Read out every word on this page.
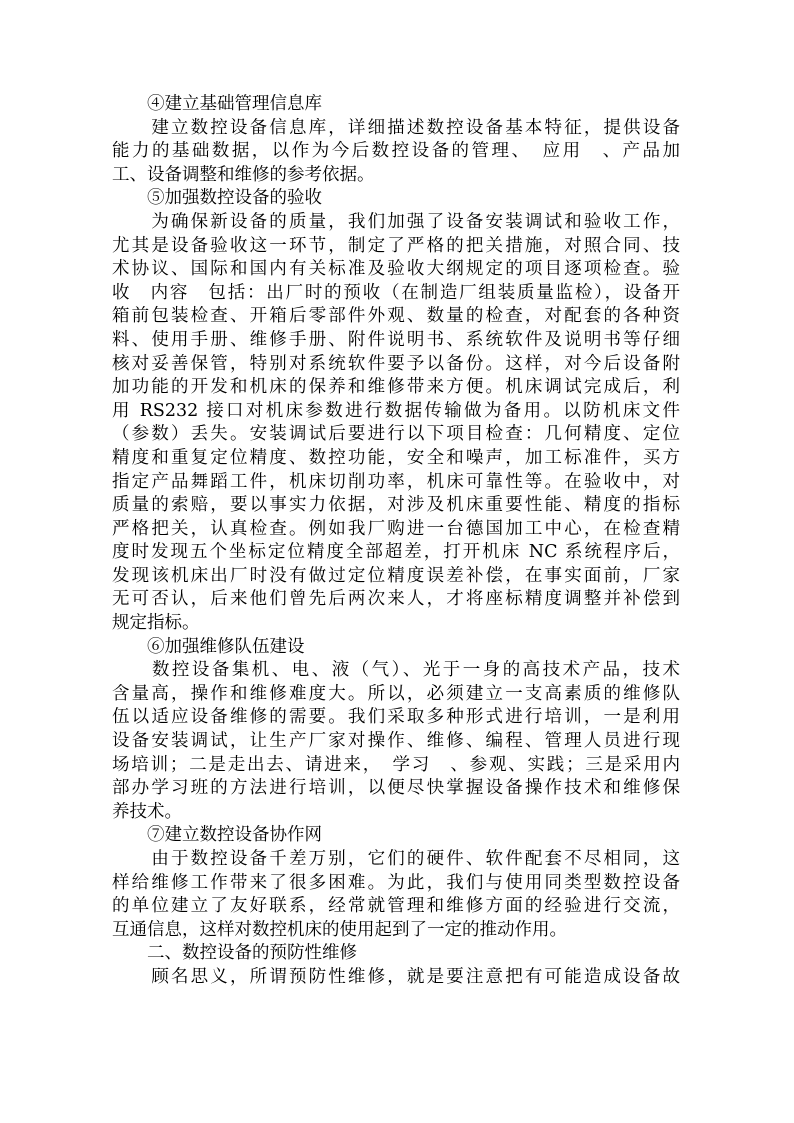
　　④建立基础管理信息库
　　建立数控设备信息库，详细描述数控设备基本特征，提供设备
能力的基础数据，以作为今后数控设备的管理、　应用　、产品加
工、设备调整和维修的参考依据。
　　⑤加强数控设备的验收
　　为确保新设备的质量，我们加强了设备安装调试和验收工作，
尤其是设备验收这一环节，制定了严格的把关措施，对照合同、技
术协议、国际和国内有关标准及验收大纲规定的项目逐项检查。验
收　内容　包括：出厂时的预收（在制造厂组装质量监检），设备开
箱前包装检查、开箱后零部件外观、数量的检查，对配套的各种资
料、使用手册、维修手册、附件说明书、系统软件及说明书等仔细
核对妥善保管，特别对系统软件要予以备份。这样，对今后设备附
加功能的开发和机床的保养和维修带来方便。机床调试完成后，利
用 RS232 接口对机床参数进行数据传输做为备用。以防机床文件
（参数）丢失。安装调试后要进行以下项目检查：几何精度、定位
精度和重复定位精度、数控功能，安全和噪声，加工标准件，买方
指定产品舞蹈工件，机床切削功率，机床可靠性等。在验收中，对
质量的索赔，要以事实力依据，对涉及机床重要性能、精度的指标
严格把关，认真检查。例如我厂购进一台德国加工中心，在检查精
度时发现五个坐标定位精度全部超差，打开机床 NC 系统程序后，
发现该机床出厂时没有做过定位精度误差补偿，在事实面前，厂家
无可否认，后来他们曾先后两次来人，才将座标精度调整并补偿到
规定指标。
　　⑥加强维修队伍建设
　　数控设备集机、电、液（气）、光于一身的高技术产品，技术
含量高，操作和维修难度大。所以，必须建立一支高素质的维修队
伍以适应设备维修的需要。我们采取多种形式进行培训，一是利用
设备安装调试，让生产厂家对操作、维修、编程、管理人员进行现
场培训；二是走出去、请进来，　学习　、参观、实践；三是采用内
部办学习班的方法进行培训，以便尽快掌握设备操作技术和维修保
养技术。
　　⑦建立数控设备协作网
　　由于数控设备千差万别，它们的硬件、软件配套不尽相同，这
样给维修工作带来了很多困难。为此，我们与使用同类型数控设备
的单位建立了友好联系，经常就管理和维修方面的经验进行交流，
互通信息，这样对数控机床的使用起到了一定的推动作用。
　　二、数控设备的预防性维修
　　顾名思义，所谓预防性维修，就是要注意把有可能造成设备故
